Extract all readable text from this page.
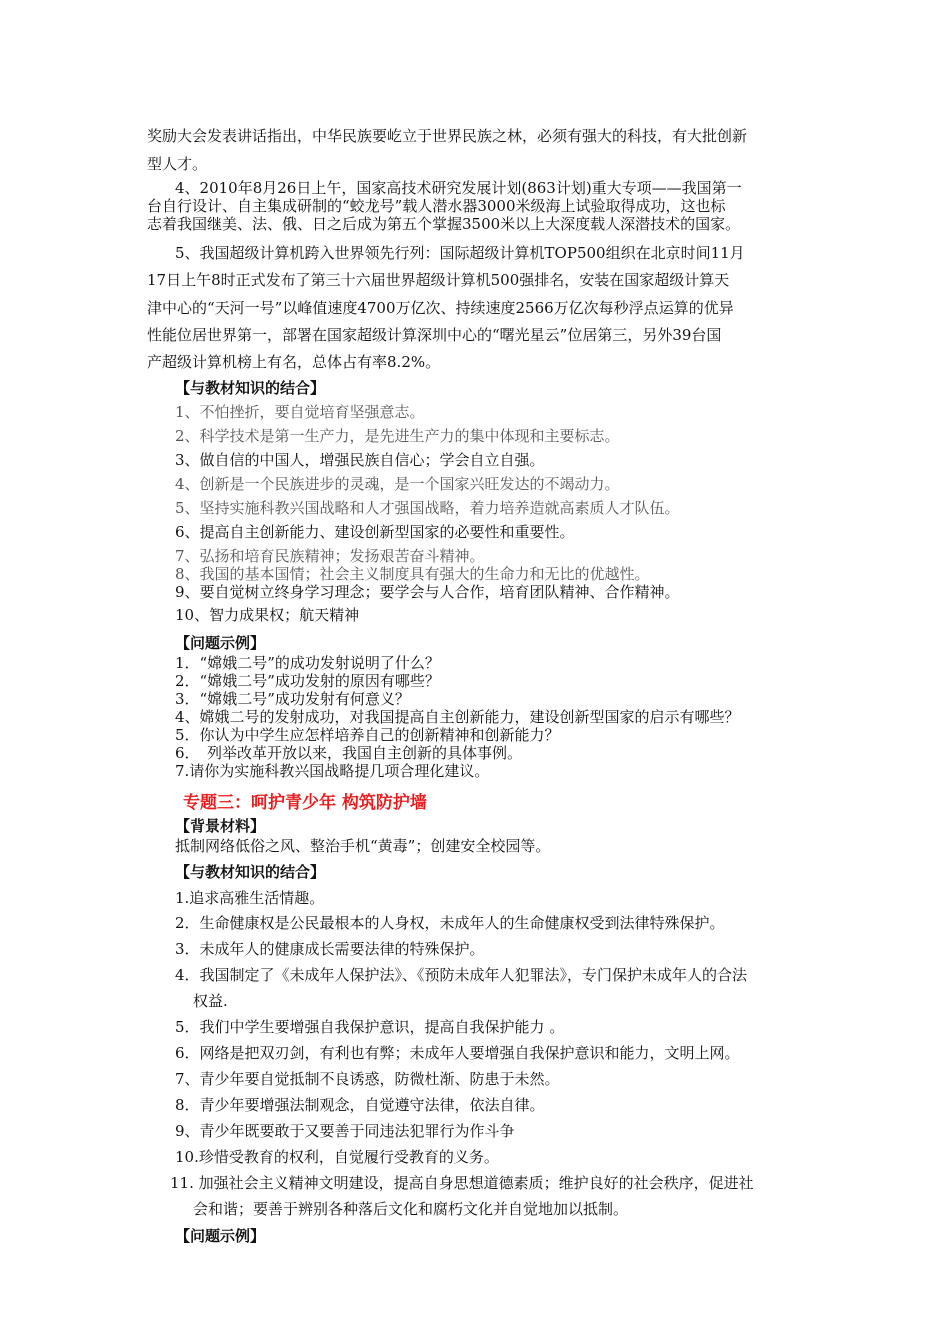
奖励大会发表讲话指出，中华民族要屹立于世界民族之林，必须有强大的科技，有大批创新
型人才。
4、2010年8月26日上午，国家高技术研究发展计划(863计划)重大专项——我国第一
台自行设计、自主集成研制的“蛟龙号”载人潜水器3000米级海上试验取得成功，这也标
志着我国继美、法、俄、日之后成为第五个掌握3500米以上大深度载人深潜技术的国家。
5、我国超级计算机跨入世界领先行列：国际超级计算机TOP500组织在北京时间11月
17日上午8时正式发布了第三十六届世界超级计算机500强排名，安装在国家超级计算天
津中心的“天河一号”以峰值速度4700万亿次、持续速度2566万亿次每秒浮点运算的优异
性能位居世界第一，部署在国家超级计算深圳中心的“曙光星云”位居第三，另外39台国
产超级计算机榜上有名，总体占有率8.2%。
【与教材知识的结合】
1、不怕挫折，要自觉培育坚强意志。
2、科学技术是第一生产力，是先进生产力的集中体现和主要标志。
3、做自信的中国人，增强民族自信心；学会自立自强。
4、创新是一个民族进步的灵魂，是一个国家兴旺发达的不竭动力。
5、坚持实施科教兴国战略和人才强国战略，着力培养造就高素质人才队伍。
6、提高自主创新能力、建设创新型国家的必要性和重要性。
7、弘扬和培育民族精神；发扬艰苦奋斗精神。
8、我国的基本国情；社会主义制度具有强大的生命力和无比的优越性。
9、要自觉树立终身学习理念；要学会与人合作，培育团队精神、合作精神。
10、智力成果权；航天精神
【问题示例】
1．“嫦娥二号”的成功发射说明了什么？
2．“嫦娥二号”成功发射的原因有哪些？
3．“嫦娥二号”成功发射有何意义？
4、嫦娥二号的发射成功，对我国提高自主创新能力，建设创新型国家的启示有哪些？
5．你认为中学生应怎样培养自己的创新精神和创新能力？
6．　列举改革开放以来，我国自主创新的具体事例。
7.请你为实施科教兴国战略提几项合理化建议。
专题三：呵护青少年 构筑防护墙
【背景材料】
抵制网络低俗之风、整治手机“黄毒”；创建安全校园等。
【与教材知识的结合】
1.追求高雅生活情趣。
2．生命健康权是公民最根本的人身权，未成年人的生命健康权受到法律特殊保护。
3．未成年人的健康成长需要法律的特殊保护。
4．我国制定了《未成年人保护法》、《预防未成年人犯罪法》，专门保护未成年人的合法
权益.
5．我们中学生要增强自我保护意识，提高自我保护能力 。
6．网络是把双刃剑，有利也有弊；未成年人要增强自我保护意识和能力，文明上网。
7、青少年要自觉抵制不良诱惑，防微杜渐、防患于未然。
8．青少年要增强法制观念，自觉遵守法律，依法自律。
9、青少年既要敢于又要善于同违法犯罪行为作斗争
10.珍惜受教育的权利，自觉履行受教育的义务。
11. 加强社会主义精神文明建设，提高自身思想道德素质；维护良好的社会秩序，促进社
会和谐；要善于辨别各种落后文化和腐朽文化并自觉地加以抵制。
【问题示例】
